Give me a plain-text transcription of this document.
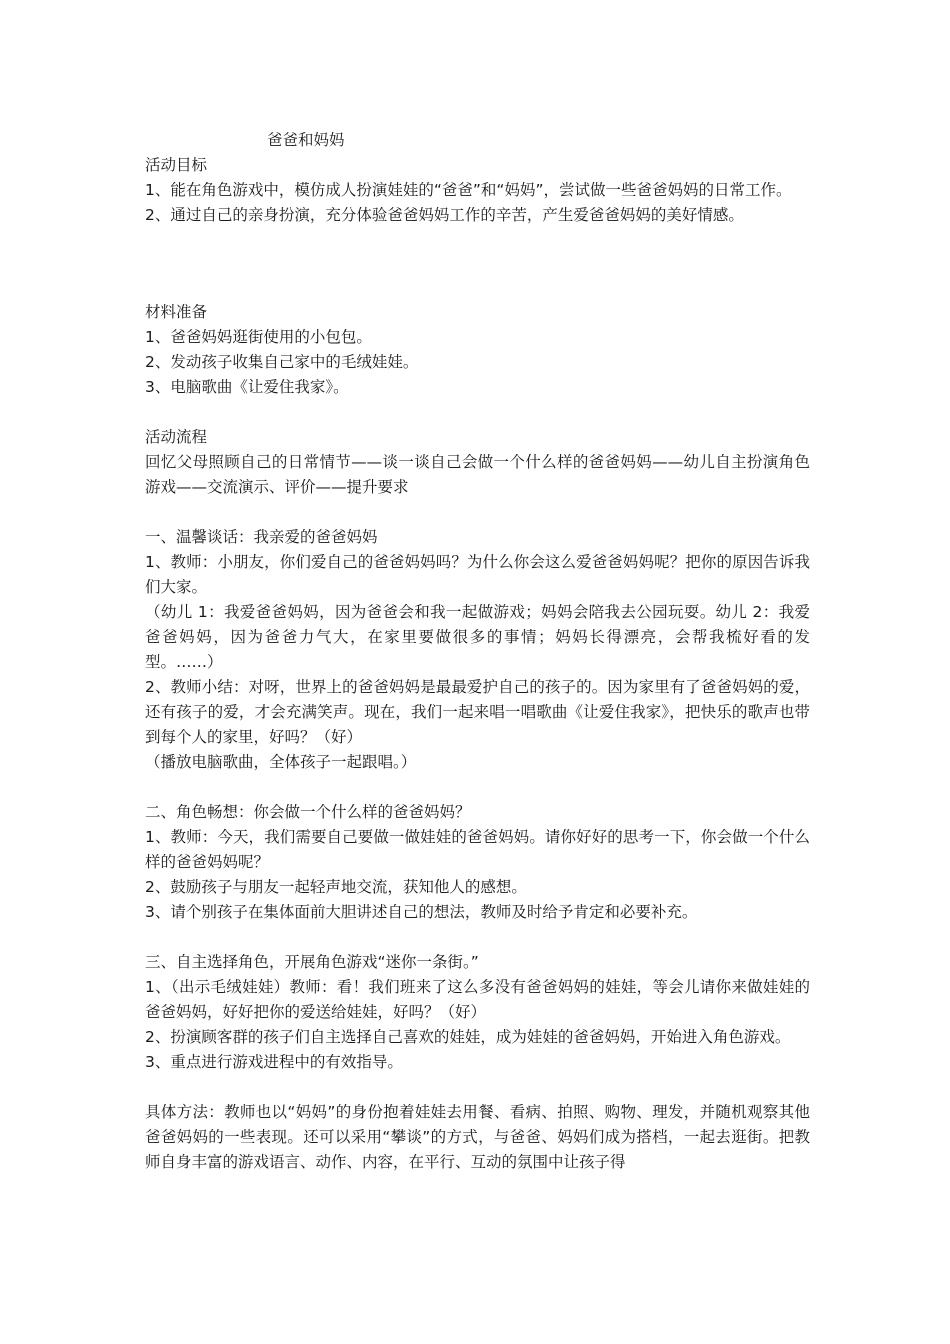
爸爸和妈妈

活动目标

1、能在角色游戏中，模仿成人扮演娃娃的“爸爸”和“妈妈”，尝试做一些爸爸妈妈的日常工作。

2、通过自己的亲身扮演，充分体验爸爸妈妈工作的辛苦，产生爱爸爸妈妈的美好情感。

材料准备

1、爸爸妈妈逛街使用的小包包。

2、发动孩子收集自己家中的毛绒娃娃。

3、电脑歌曲《让爱住我家》。

活动流程

回忆父母照顾自己的日常情节——谈一谈自己会做一个什么样的爸爸妈妈——幼儿自主扮演角色游戏——交流演示、评价——提升要求

一、温馨谈话：我亲爱的爸爸妈妈

1、教师：小朋友，你们爱自己的爸爸妈妈吗？为什么你会这么爱爸爸妈妈呢？把你的原因告诉我们大家。

（幼儿 1：我爱爸爸妈妈，因为爸爸会和我一起做游戏；妈妈会陪我去公园玩耍。幼儿 2：我爱爸爸妈妈，因为爸爸力气大，在家里要做很多的事情；妈妈长得漂亮，会帮我梳好看的发型。……）

2、教师小结：对呀，世界上的爸爸妈妈是最最爱护自己的孩子的。因为家里有了爸爸妈妈的爱，还有孩子的爱，才会充满笑声。现在，我们一起来唱一唱歌曲《让爱住我家》，把快乐的歌声也带到每个人的家里，好吗？（好）

（播放电脑歌曲，全体孩子一起跟唱。）

二、角色畅想：你会做一个什么样的爸爸妈妈？

1、教师：今天，我们需要自己要做一做娃娃的爸爸妈妈。请你好好的思考一下，你会做一个什么样的爸爸妈妈呢？

2、鼓励孩子与朋友一起轻声地交流，获知他人的感想。

3、请个别孩子在集体面前大胆讲述自己的想法，教师及时给予肯定和必要补充。

三、自主选择角色，开展角色游戏“迷你一条街。”

1、（出示毛绒娃娃）教师：看！我们班来了这么多没有爸爸妈妈的娃娃，等会儿请你来做娃娃的爸爸妈妈，好好把你的爱送给娃娃，好吗？（好）

2、扮演顾客群的孩子们自主选择自己喜欢的娃娃，成为娃娃的爸爸妈妈，开始进入角色游戏。

3、重点进行游戏进程中的有效指导。

具体方法：教师也以“妈妈”的身份抱着娃娃去用餐、看病、拍照、购物、理发，并随机观察其他爸爸妈妈的一些表现。还可以采用“攀谈”的方式，与爸爸、妈妈们成为搭档，一起去逛街。把教师自身丰富的游戏语言、动作、内容，在平行、互动的氛围中让孩子得
